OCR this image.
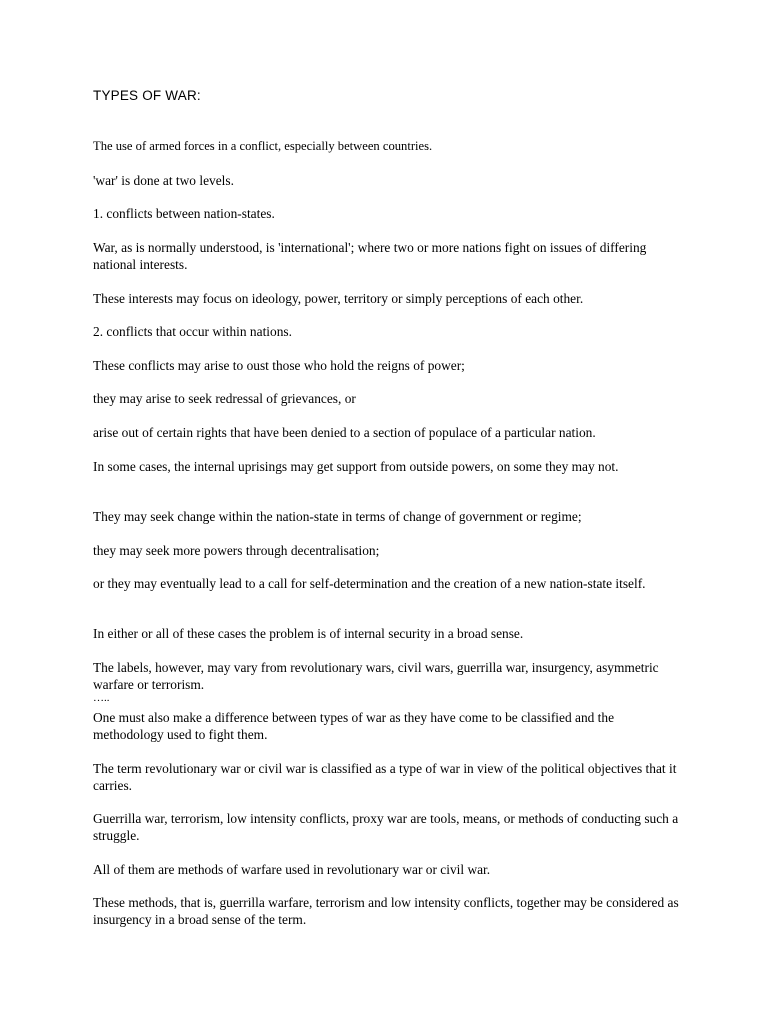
TYPES OF WAR:

The use of armed forces in a conflict, especially between countries.

'war' is done at two levels.

1. conflicts between nation-states.

War, as is normally understood, is 'international'; where two or more nations fight on issues of differing national interests.

These interests may focus on ideology, power, territory or simply perceptions of each other.

2. conflicts that occur within nations.

These conflicts may arise to oust those who hold the reigns of power;

they may arise to seek redressal of grievances, or

arise out of certain rights that have been denied to a section of populace of a particular nation.

In some cases, the internal uprisings may get support from outside powers, on some they may not.

They may seek change within the nation-state in terms of change of government or regime;

they may seek more powers through decentralisation;

or they may eventually lead to a call for self-determination and the creation of a new nation-state itself.

In either or all of these cases the problem is of internal security in a broad sense.

The labels, however, may vary from revolutionary wars, civil wars, guerrilla war, insurgency, asymmetric warfare or terrorism.

…..

One must also make a difference between types of war as they have come to be classified and the methodology used to fight them.

The term revolutionary war or civil war is classified as a type of war in view of the political objectives that it carries.

Guerrilla war, terrorism, low intensity conflicts, proxy war are tools, means, or methods of conducting such a struggle.

All of them are methods of warfare used in revolutionary war or civil war.

These methods, that is, guerrilla warfare, terrorism and low intensity conflicts, together may be considered as insurgency in a broad sense of the term.
